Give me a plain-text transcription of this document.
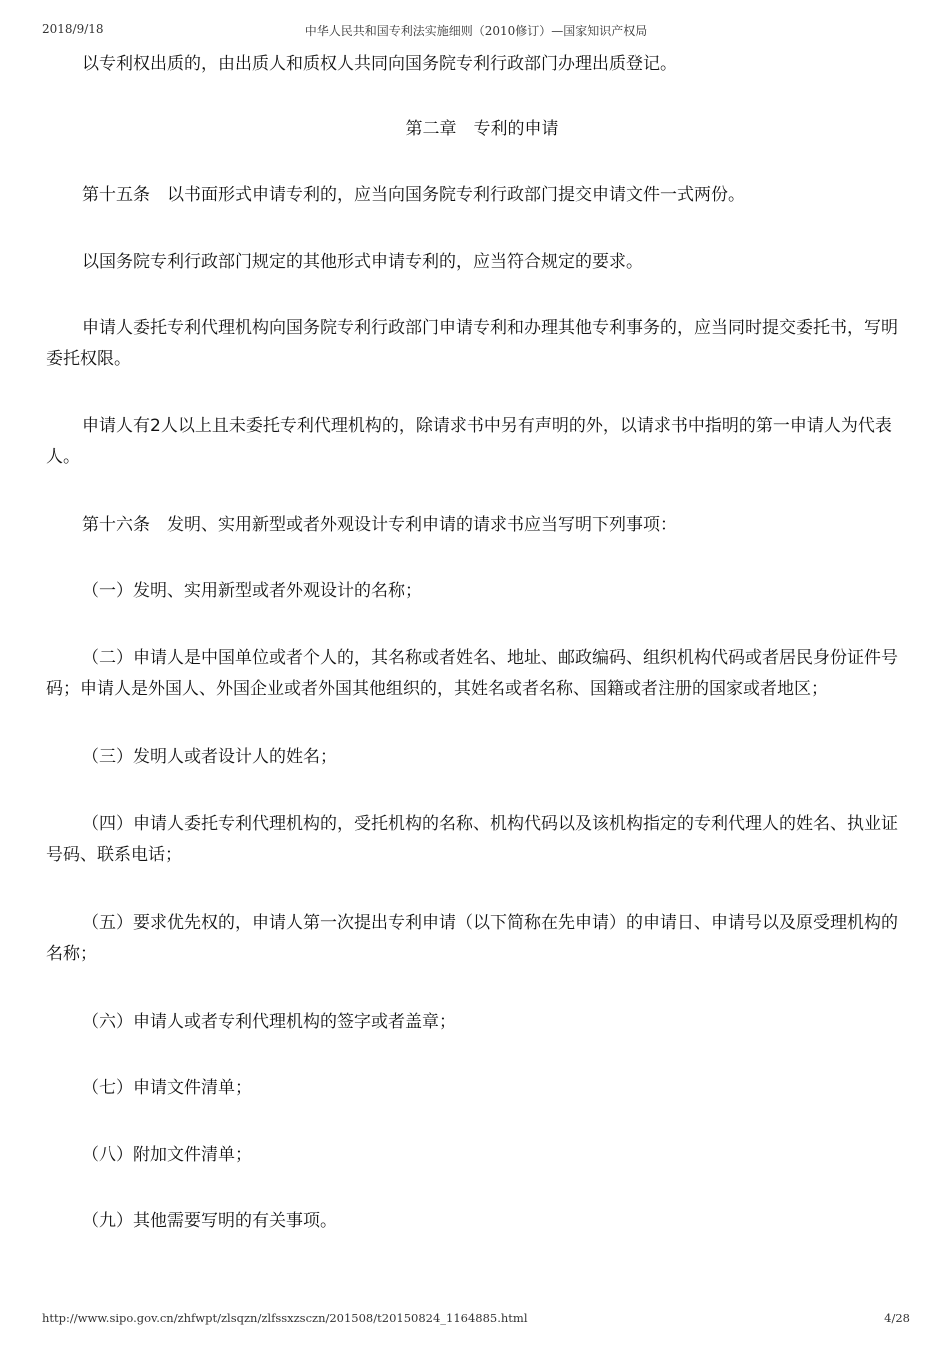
2018/9/18	中华人民共和国专利法实施细则（2010修订）—国家知识产权局
以专利权出质的，由出质人和质权人共同向国务院专利行政部门办理出质登记。
第二章　专利的申请
第十五条　以书面形式申请专利的，应当向国务院专利行政部门提交申请文件一式两份。
以国务院专利行政部门规定的其他形式申请专利的，应当符合规定的要求。
申请人委托专利代理机构向国务院专利行政部门申请专利和办理其他专利事务的，应当同时提交委托书，写明委托权限。
申请人有2人以上且未委托专利代理机构的，除请求书中另有声明的外，以请求书中指明的第一申请人为代表人。
第十六条　发明、实用新型或者外观设计专利申请的请求书应当写明下列事项：
（一）发明、实用新型或者外观设计的名称；
（二）申请人是中国单位或者个人的，其名称或者姓名、地址、邮政编码、组织机构代码或者居民身份证件号码；申请人是外国人、外国企业或者外国其他组织的，其姓名或者名称、国籍或者注册的国家或者地区；
（三）发明人或者设计人的姓名；
（四）申请人委托专利代理机构的，受托机构的名称、机构代码以及该机构指定的专利代理人的姓名、执业证号码、联系电话；
（五）要求优先权的，申请人第一次提出专利申请（以下简称在先申请）的申请日、申请号以及原受理机构的名称；
（六）申请人或者专利代理机构的签字或者盖章；
（七）申请文件清单；
（八）附加文件清单；
（九）其他需要写明的有关事项。
http://www.sipo.gov.cn/zhfwpt/zlsqzn/zlfssxzsczn/201508/t20150824_1164885.html	4/28
